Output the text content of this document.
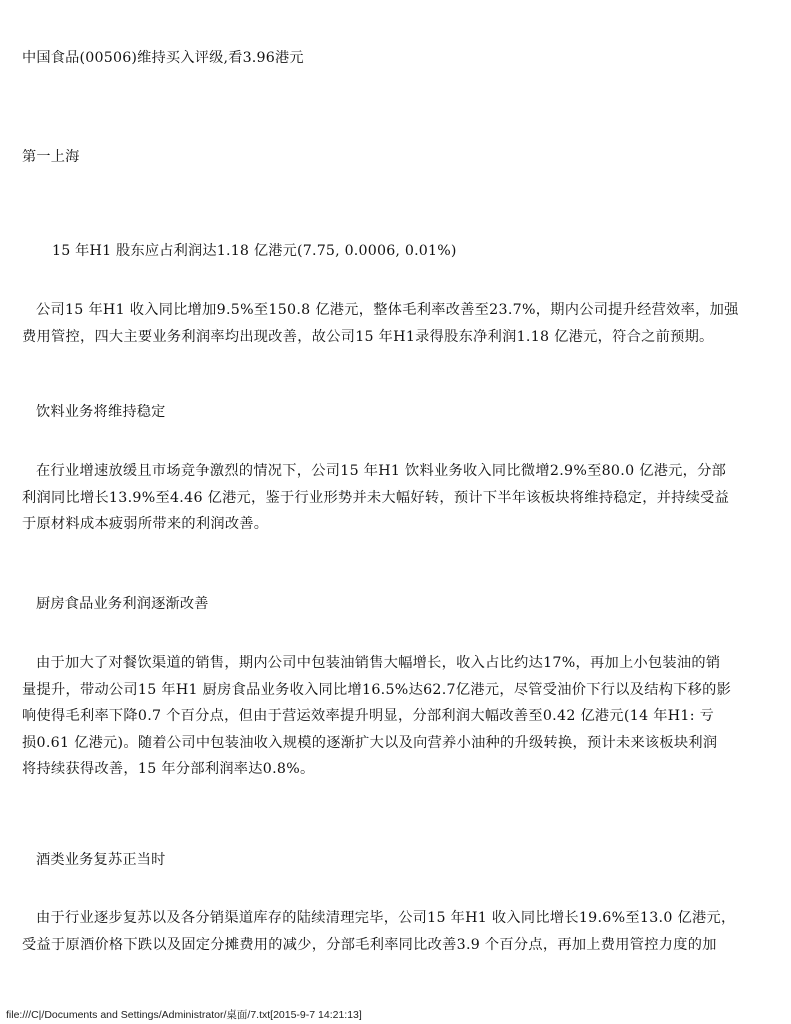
中国食品(00506)维持买入评级,看3.96港元
第一上海
15 年H1 股东应占利润达1.18 亿港元(7.75, 0.0006, 0.01%)
公司15 年H1 收入同比增加9.5%至150.8 亿港元，整体毛利率改善至23.7%，期内公司提升经营效率，加强
费用管控，四大主要业务利润率均出现改善，故公司15 年H1录得股东净利润1.18 亿港元，符合之前预期。
饮料业务将维持稳定
在行业增速放缓且市场竞争激烈的情况下，公司15 年H1 饮料业务收入同比微增2.9%至80.0 亿港元，分部
利润同比增长13.9%至4.46 亿港元，鉴于行业形势并未大幅好转，预计下半年该板块将维持稳定，并持续受益
于原材料成本疲弱所带来的利润改善。
厨房食品业务利润逐渐改善
由于加大了对餐饮渠道的销售，期内公司中包装油销售大幅增长，收入占比约达17%，再加上小包装油的销
量提升，带动公司15 年H1 厨房食品业务收入同比增16.5%达62.7亿港元，尽管受油价下行以及结构下移的影
响使得毛利率下降0.7 个百分点，但由于营运效率提升明显，分部利润大幅改善至0.42 亿港元(14 年H1: 亏
损0.61 亿港元)。随着公司中包装油收入规模的逐渐扩大以及向营养小油种的升级转换，预计未来该板块利润
将持续获得改善，15 年分部利润率达0.8%。
酒类业务复苏正当时
由于行业逐步复苏以及各分销渠道库存的陆续清理完毕，公司15 年H1 收入同比增长19.6%至13.0 亿港元，
受益于原酒价格下跌以及固定分摊费用的减少，分部毛利率同比改善3.9 个百分点，再加上费用管控力度的加
file:///C|/Documents and Settings/Administrator/桌面/7.txt[2015-9-7 14:21:13]
